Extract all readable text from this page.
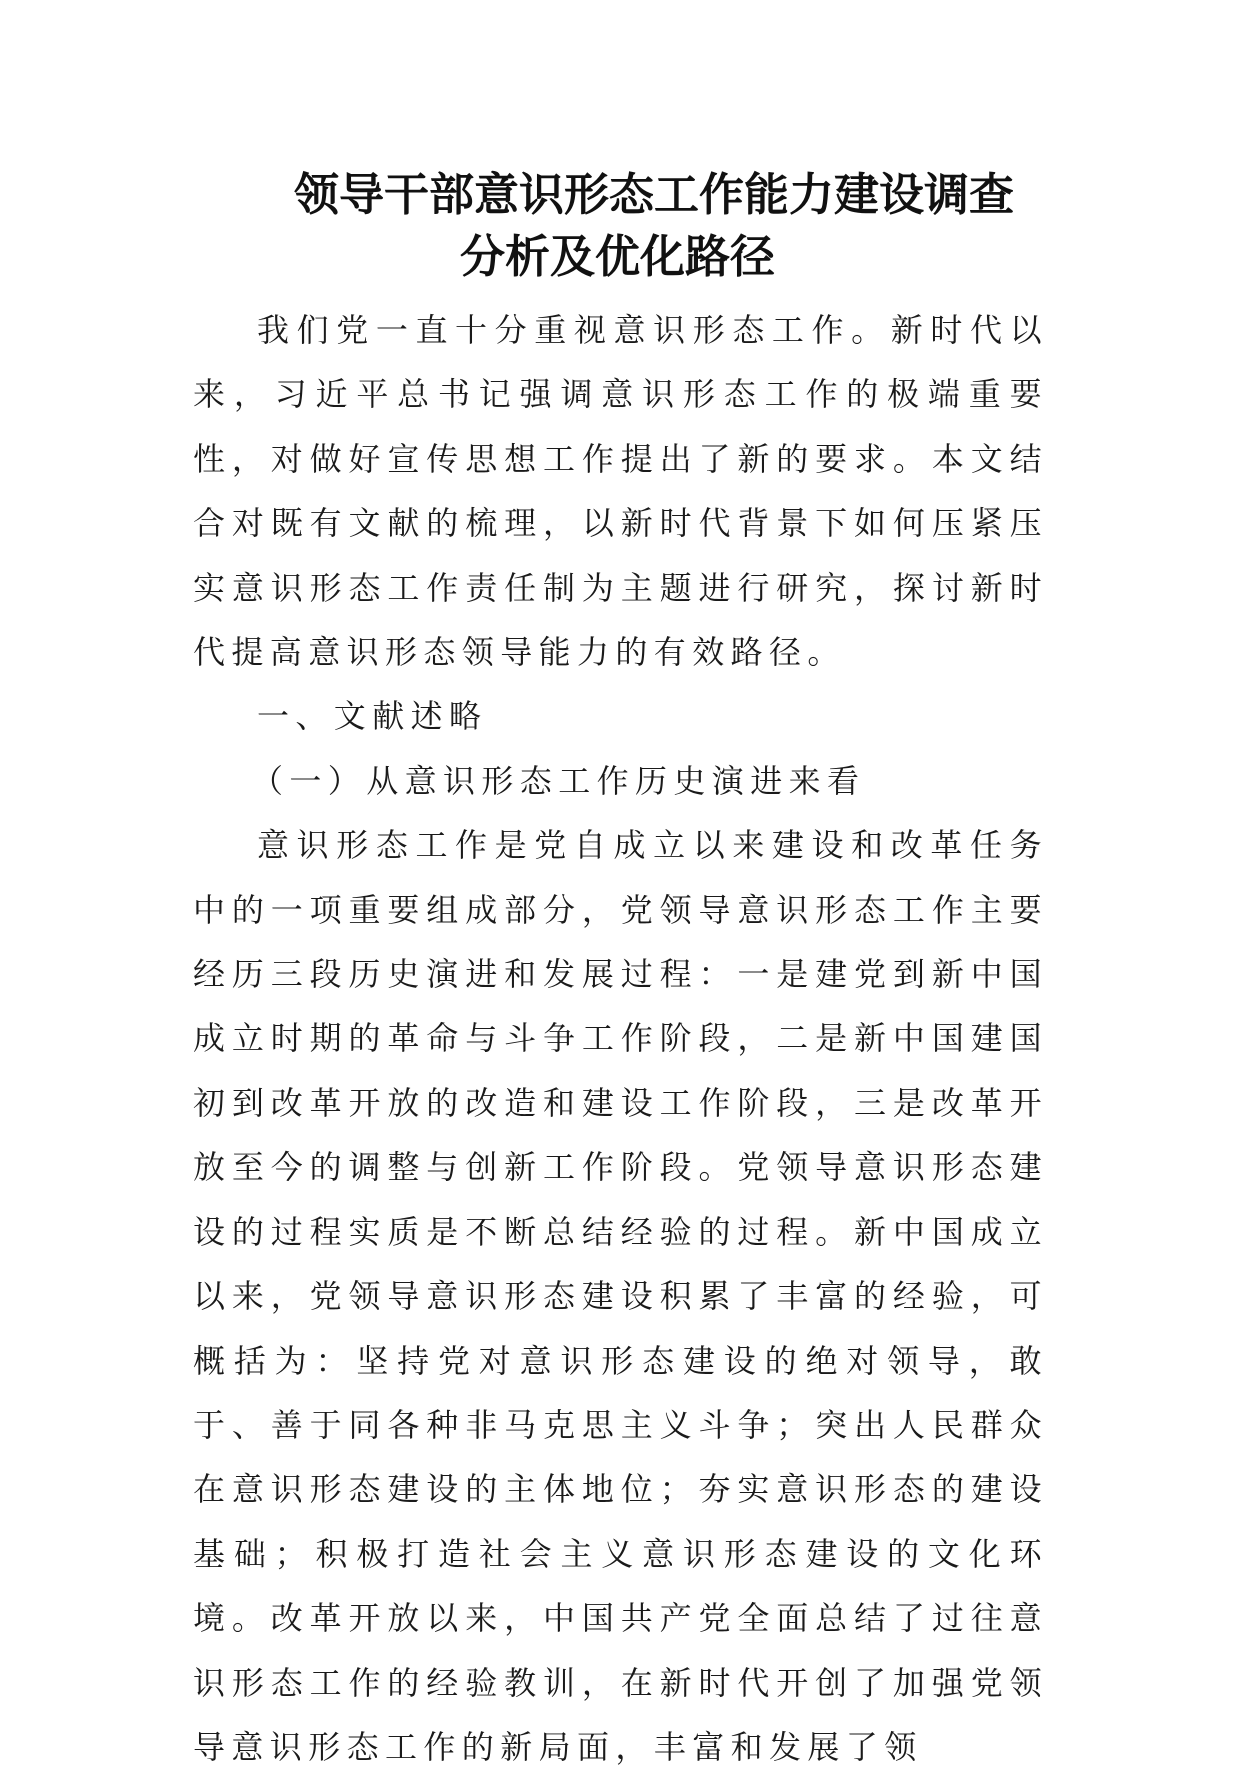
领导干部意识形态工作能力建设调查
分析及优化路径

我们党一直十分重视意识形态工作。新时代以来，习近平总书记强调意识形态工作的极端重要性，对做好宣传思想工作提出了新的要求。本文结合对既有文献的梳理，以新时代背景下如何压紧压实意识形态工作责任制为主题进行研究，探讨新时代提高意识形态领导能力的有效路径。

一、文献述略

（一）从意识形态工作历史演进来看

意识形态工作是党自成立以来建设和改革任务中的一项重要组成部分，党领导意识形态工作主要经历三段历史演进和发展过程：一是建党到新中国成立时期的革命与斗争工作阶段，二是新中国建国初到改革开放的改造和建设工作阶段，三是改革开放至今的调整与创新工作阶段。党领导意识形态建设的过程实质是不断总结经验的过程。新中国成立以来，党领导意识形态建设积累了丰富的经验，可概括为：坚持党对意识形态建设的绝对领导，敢于、善于同各种非马克思主义斗争；突出人民群众在意识形态建设的主体地位；夯实意识形态的建设基础；积极打造社会主义意识形态建设的文化环境。改革开放以来，中国共产党全面总结了过往意识形态工作的经验教训，在新时代开创了加强党领导意识形态工作的新局面，丰富和发展了领
